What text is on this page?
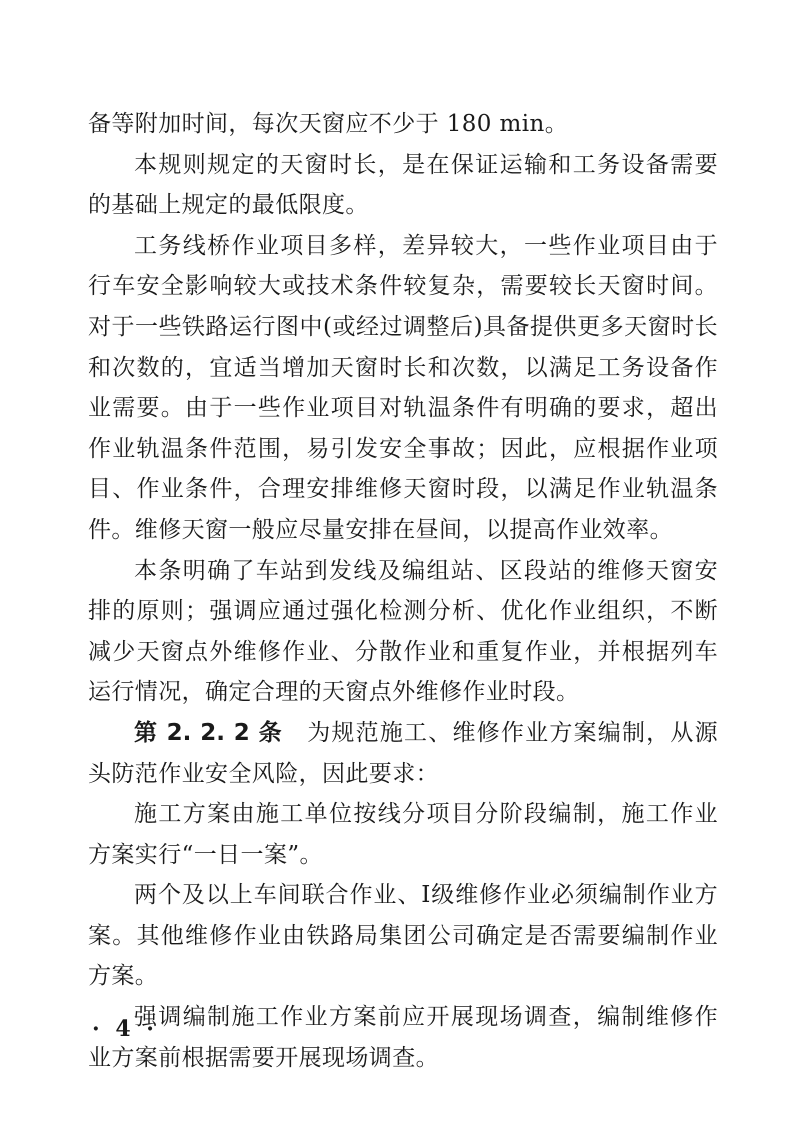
备等附加时间，每次天窗应不少于 180 min。

本规则规定的天窗时长，是在保证运输和工务设备需要的基础上规定的最低限度。

工务线桥作业项目多样，差异较大，一些作业项目由于行车安全影响较大或技术条件较复杂，需要较长天窗时间。对于一些铁路运行图中(或经过调整后)具备提供更多天窗时长和次数的，宜适当增加天窗时长和次数，以满足工务设备作业需要。由于一些作业项目对轨温条件有明确的要求，超出作业轨温条件范围，易引发安全事故；因此，应根据作业项目、作业条件，合理安排维修天窗时段，以满足作业轨温条件。维修天窗一般应尽量安排在昼间，以提高作业效率。

本条明确了车站到发线及编组站、区段站的维修天窗安排的原则；强调应通过强化检测分析、优化作业组织，不断减少天窗点外维修作业、分散作业和重复作业，并根据列车运行情况，确定合理的天窗点外维修作业时段。

第 2. 2. 2 条 为规范施工、维修作业方案编制，从源头防范作业安全风险，因此要求：

施工方案由施工单位按线分项目分阶段编制，施工作业方案实行“一日一案”。

两个及以上车间联合作业、Ⅰ级维修作业必须编制作业方案。其他维修作业由铁路局集团公司确定是否需要编制作业方案。

强调编制施工作业方案前应开展现场调查，编制维修作业方案前根据需要开展现场调查。

· 4 ·
